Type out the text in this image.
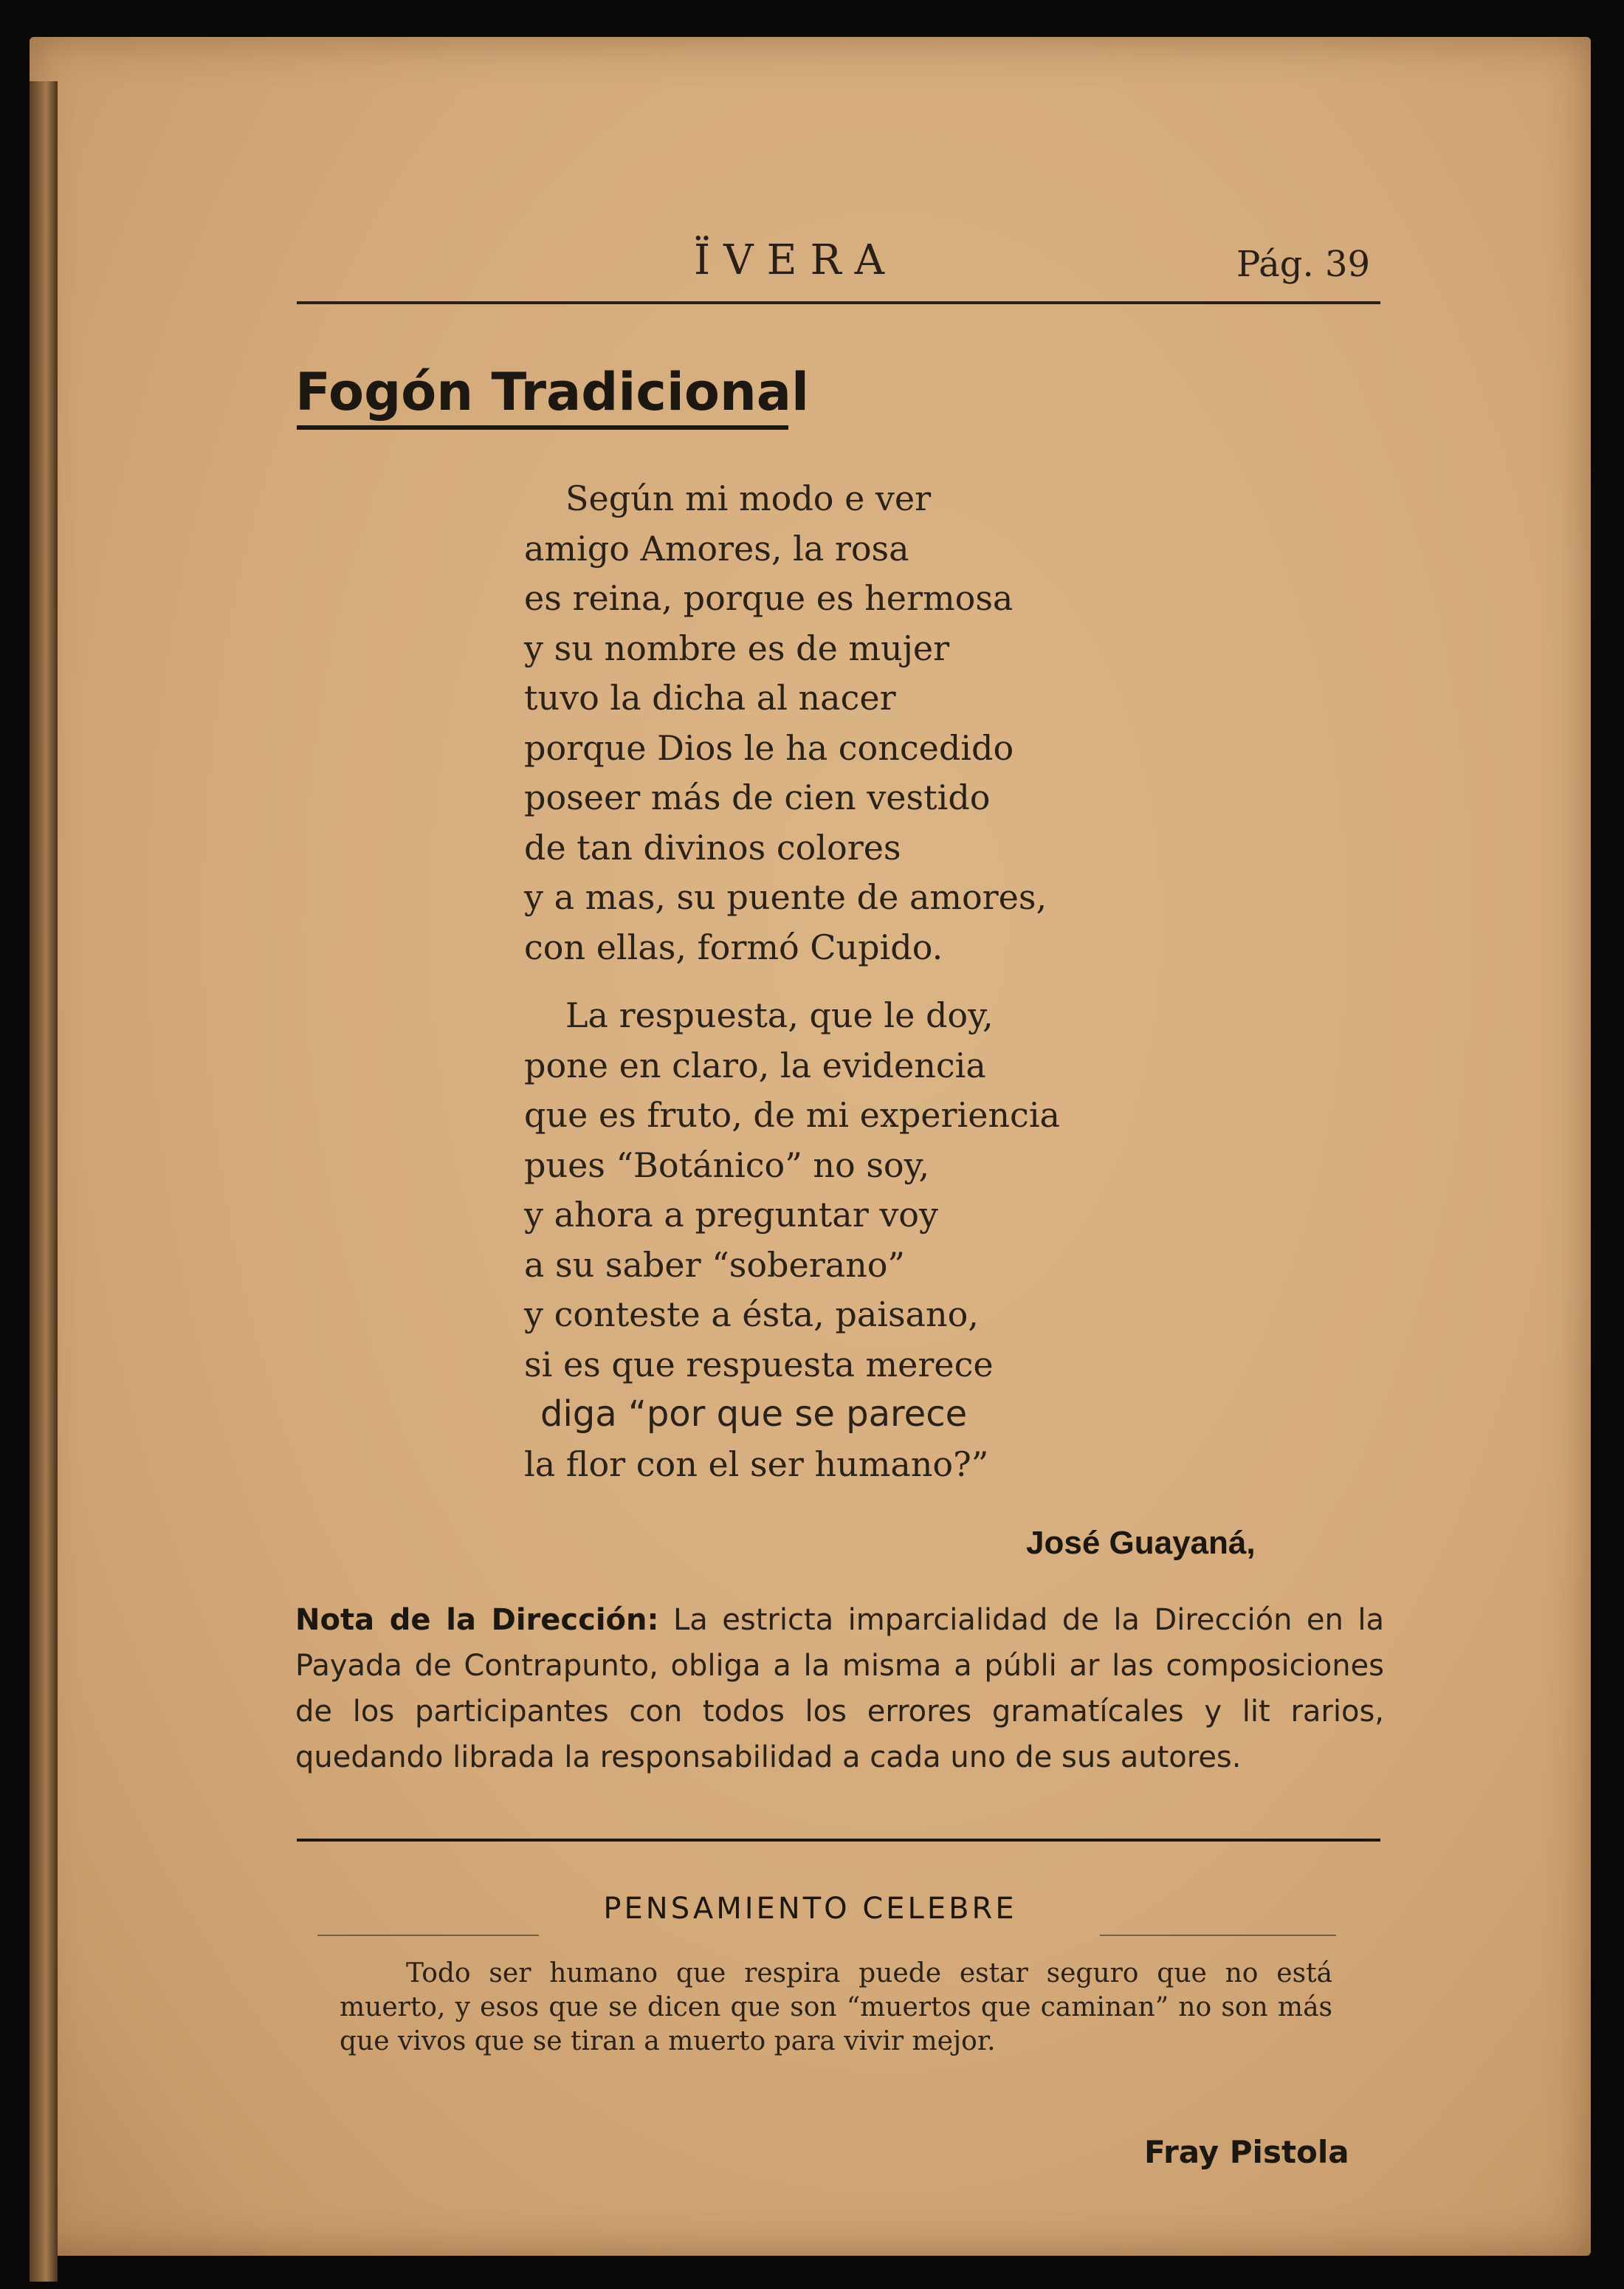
ÏVERA	Pág. 39
Fogón Tradicional
Según mi modo e ver
amigo Amores, la rosa
es reina, porque es hermosa
y su nombre es de mujer
tuvo la dicha al nacer
porque Dios le ha concedido
poseer más de cien vestido
de tan divinos colores
y a mas, su puente de amores,
con ellas, formó Cupido.
La respuesta, que le doy,
pone en claro, la evidencia
que es fruto, de mi experiencia
pues “Botánico” no soy,
y ahora a preguntar voy
a su saber “soberano”
y conteste a ésta, paisano,
si es que respuesta merece
diga “por que se parece
la flor con el ser humano?”
José Guayaná,

Nota de la Dirección: La estricta imparcialidad de la Dirección en la Payada de Contrapunto, obliga a la misma a públi ar las composiciones de los participantes con todos los errores gramatícales y lit rarios, quedando librada la responsabilidad a cada uno de sus autores.

PENSAMIENTO CELEBRE

Todo ser humano que respira puede estar seguro que no está muerto, y esos que se dicen que son “muertos que caminan” no son más que vivos que se tiran a muerto para vivir mejor.

Fray Pistola
